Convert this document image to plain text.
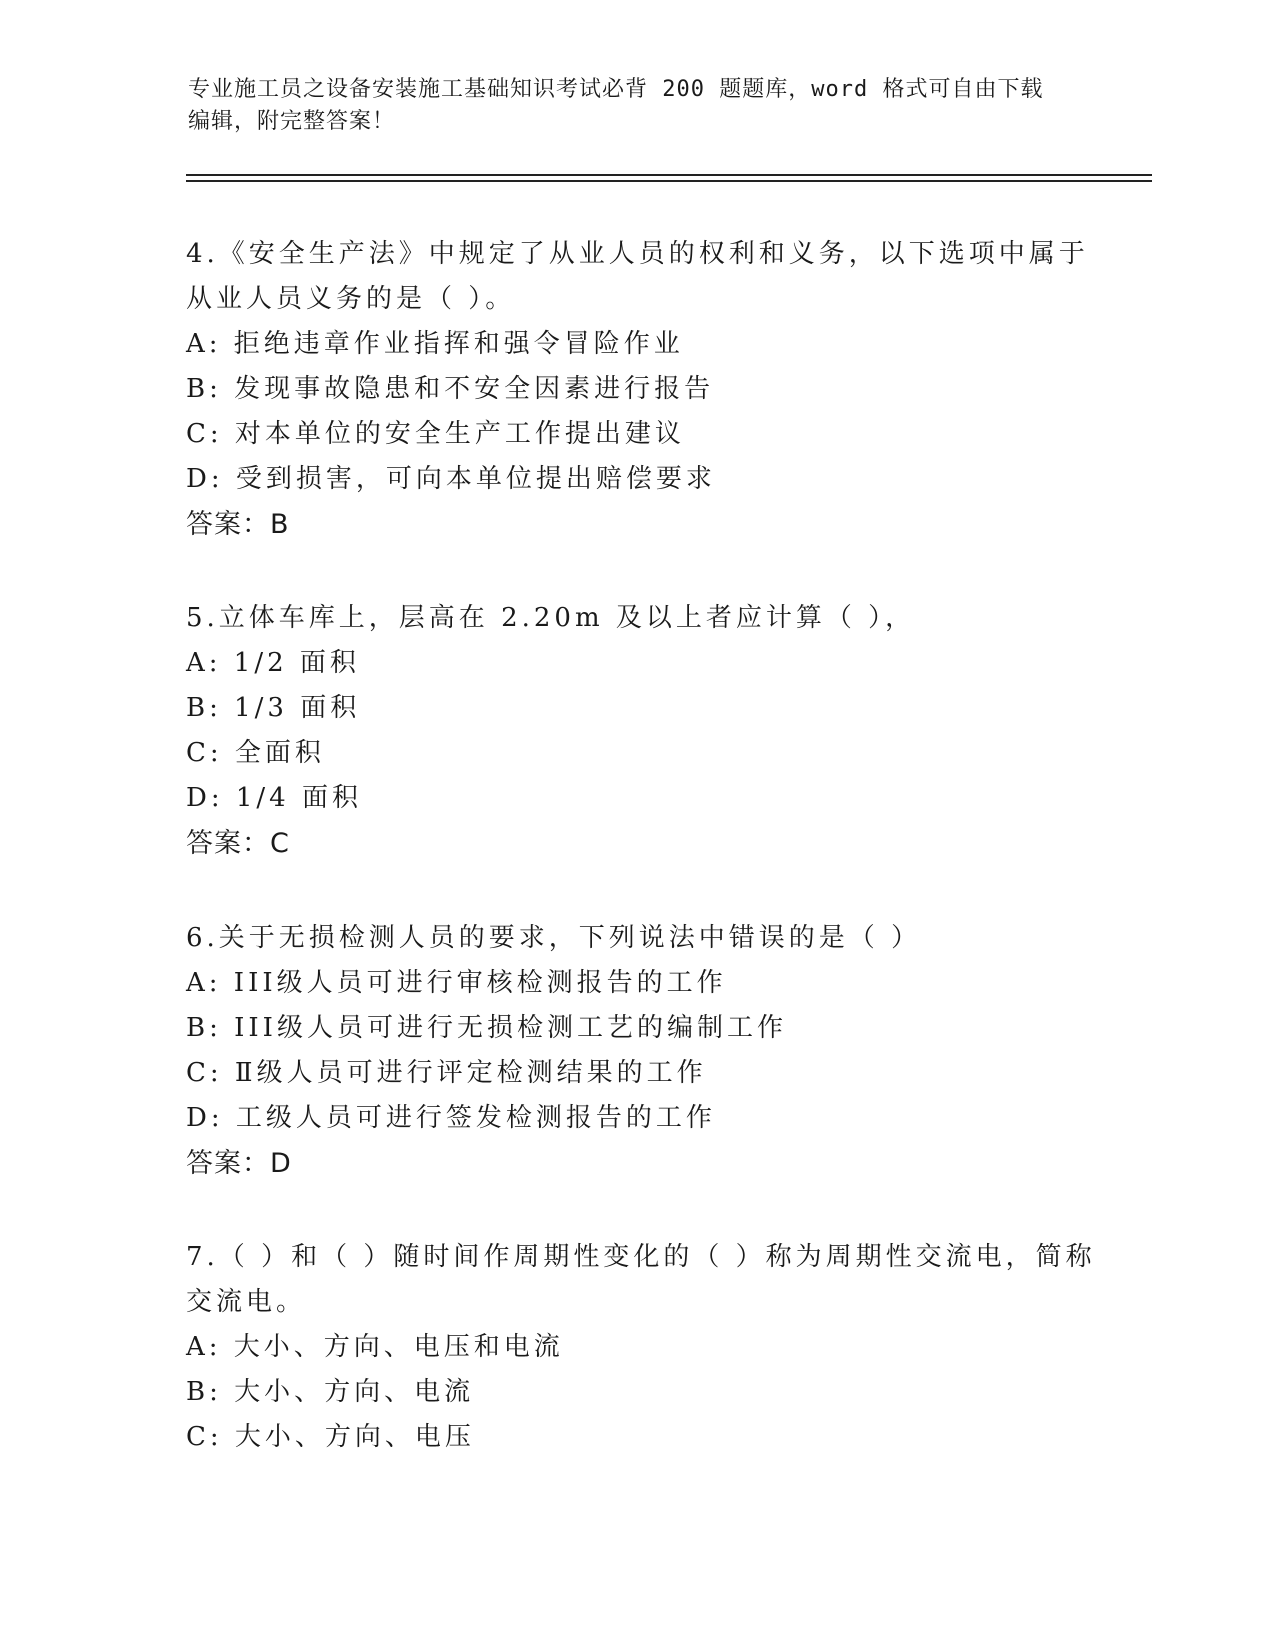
专业施工员之设备安装施工基础知识考试必背 200 题题库，word 格式可自由下载
编辑，附完整答案！
4.《安全生产法》中规定了从业人员的权利和义务，以下选项中属于
从业人员义务的是（ ）。
A: 拒绝违章作业指挥和强令冒险作业
B: 发现事故隐患和不安全因素进行报告
C: 对本单位的安全生产工作提出建议
D: 受到损害，可向本单位提出赔偿要求
答案：B
5.立体车库上，层高在 2.20m 及以上者应计算（ ），
A: 1/2 面积
B: 1/3 面积
C: 全面积
D: 1/4 面积
答案：C
6.关于无损检测人员的要求，下列说法中错误的是（ ）
A: III级人员可进行审核检测报告的工作
B: III级人员可进行无损检测工艺的编制工作
C: Ⅱ级人员可进行评定检测结果的工作
D: 工级人员可进行签发检测报告的工作
答案：D
7.（ ）和（ ）随时间作周期性变化的（ ）称为周期性交流电，简称
交流电。
A: 大小、方向、电压和电流
B: 大小、方向、电流
C: 大小、方向、电压
